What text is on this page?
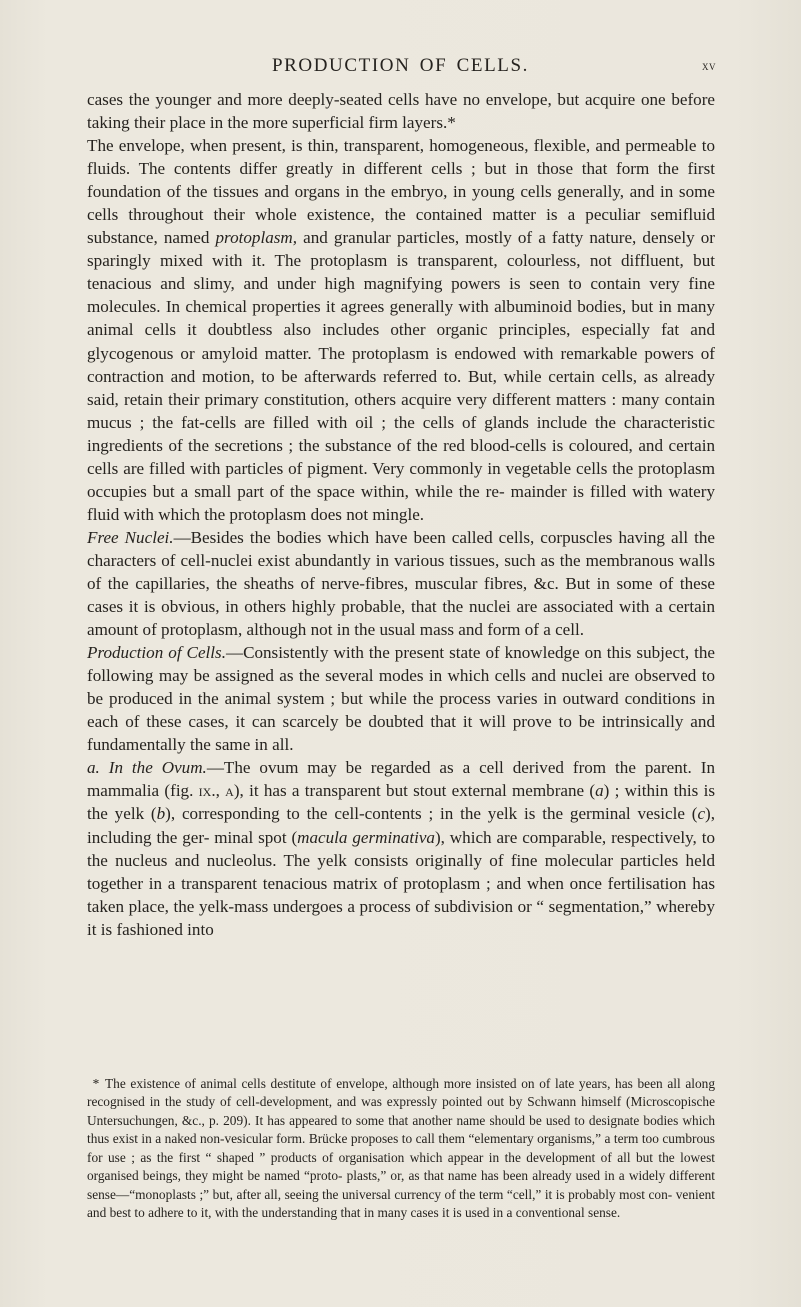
PRODUCTION OF CELLS.	xv

cases the younger and more deeply-seated cells have no envelope, but acquire one before taking their place in the more superficial firm layers.*

The envelope, when present, is thin, transparent, homogeneous, flexible, and permeable to fluids. The contents differ greatly in different cells ; but in those that form the first foundation of the tissues and organs in the embryo, in young cells generally, and in some cells throughout their whole existence, the contained matter is a peculiar semifluid substance, named protoplasm, and granular particles, mostly of a fatty nature, densely or sparingly mixed with it. The protoplasm is transparent, colourless, not diffluent, but tenacious and slimy, and under high magnifying powers is seen to contain very fine molecules. In chemical properties it agrees generally with albuminoid bodies, but in many animal cells it doubtless also includes other organic principles, especially fat and glycogenous or amyloid matter. The protoplasm is endowed with remarkable powers of contraction and motion, to be afterwards referred to. But, while certain cells, as already said, retain their primary constitution, others acquire very different matters : many contain mucus ; the fat-cells are filled with oil ; the cells of glands include the characteristic ingredients of the secretions ; the substance of the red blood-cells is coloured, and certain cells are filled with particles of pigment. Very commonly in vegetable cells the protoplasm occupies but a small part of the space within, while the re- mainder is filled with watery fluid with which the protoplasm does not mingle.

Free Nuclei.—Besides the bodies which have been called cells, corpuscles having all the characters of cell-nuclei exist abundantly in various tissues, such as the membranous walls of the capillaries, the sheaths of nerve-fibres, muscular fibres, &c. But in some of these cases it is obvious, in others highly probable, that the nuclei are associated with a certain amount of protoplasm, although not in the usual mass and form of a cell.

Production of Cells.—Consistently with the present state of knowledge on this subject, the following may be assigned as the several modes in which cells and nuclei are observed to be produced in the animal system ; but while the process varies in outward conditions in each of these cases, it can scarcely be doubted that it will prove to be intrinsically and fundamentally the same in all.

a. In the Ovum.—The ovum may be regarded as a cell derived from the parent. In mammalia (fig. ix., a), it has a transparent but stout external membrane (a) ; within this is the yelk (b), corresponding to the cell-contents ; in the yelk is the germinal vesicle (c), including the ger- minal spot (macula germinativa), which are comparable, respectively, to the nucleus and nucleolus. The yelk consists originally of fine molecular particles held together in a transparent tenacious matrix of protoplasm ; and when once fertilisation has taken place, the yelk-mass undergoes a process of subdivision or “ segmentation,” whereby it is fashioned into

* The existence of animal cells destitute of envelope, although more insisted on of late years, has been all along recognised in the study of cell-development, and was expressly pointed out by Schwann himself (Microscopische Untersuchungen, &c., p. 209). It has appeared to some that another name should be used to designate bodies which thus exist in a naked non-vesicular form. Brücke proposes to call them “elementary organisms,” a term too cumbrous for use ; as the first “ shaped ” products of organisation which appear in the development of all but the lowest organised beings, they might be named “proto- plasts,” or, as that name has been already used in a widely different sense—“monoplasts ;” but, after all, seeing the universal currency of the term “cell,” it is probably most con- venient and best to adhere to it, with the understanding that in many cases it is used in a conventional sense.
